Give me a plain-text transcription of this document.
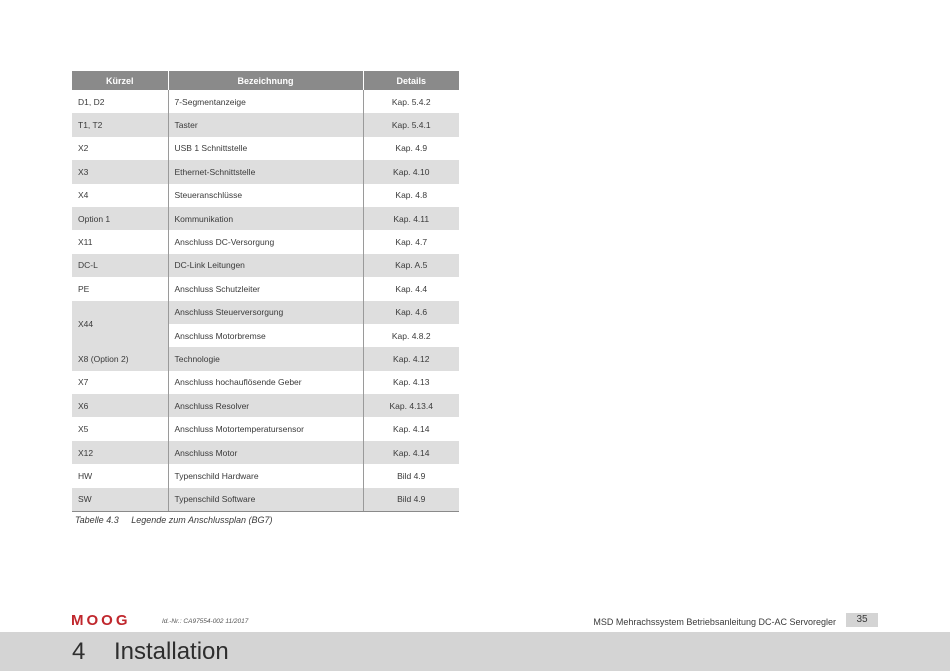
Kürzel	Bezeichnung	Details
D1, D2	7-Segmentanzeige	Kap. 5.4.2
T1, T2	Taster	Kap. 5.4.1
X2	USB 1 Schnittstelle	Kap. 4.9
X3	Ethernet-Schnittstelle	Kap. 4.10
X4	Steueranschlüsse	Kap. 4.8
Option 1	Kommunikation	Kap. 4.11
X11	Anschluss DC-Versorgung	Kap. 4.7
DC-L	DC-Link Leitungen	Kap. A.5
PE	Anschluss Schutzleiter	Kap. 4.4
X44	Anschluss Steuerversorgung	Kap. 4.6
	Anschluss Motorbremse	Kap. 4.8.2
X8 (Option 2)	Technologie	Kap. 4.12
X7	Anschluss hochauflösende Geber	Kap. 4.13
X6	Anschluss Resolver	Kap. 4.13.4
X5	Anschluss Motortemperatursensor	Kap. 4.14
X12	Anschluss Motor	Kap. 4.14
HW	Typenschild Hardware	Bild 4.9
SW	Typenschild Software	Bild 4.9
Tabelle 4.3 Legende zum Anschlussplan (BG7)
MOOG	Id.-Nr.: CA97554-002 11/2017	MSD Mehrachssystem Betriebsanleitung DC-AC Servoregler	35
4 Installation
